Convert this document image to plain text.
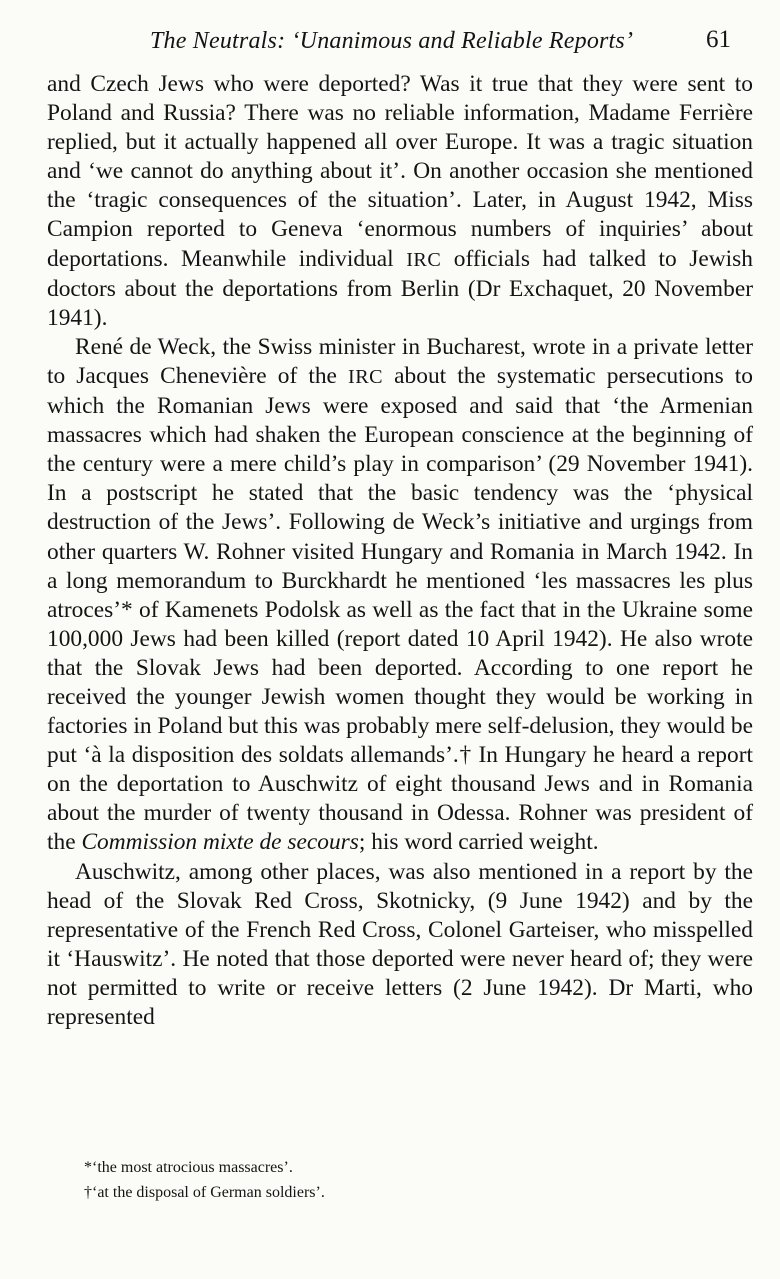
The Neutrals: ‘Unanimous and Reliable Reports’	61

and Czech Jews who were deported? Was it true that they were sent to Poland and Russia? There was no reliable information, Madame Ferrière replied, but it actually happened all over Europe. It was a tragic situation and ‘we cannot do anything about it’. On another occasion she mentioned the ‘tragic consequences of the situation’. Later, in August 1942, Miss Campion reported to Geneva ‘enormous numbers of inquiries’ about deportations. Meanwhile individual IRC officials had talked to Jewish doctors about the deportations from Berlin (Dr Exchaquet, 20 November 1941).

René de Weck, the Swiss minister in Bucharest, wrote in a private letter to Jacques Chenevière of the IRC about the systematic persecutions to which the Romanian Jews were exposed and said that ‘the Armenian massacres which had shaken the European conscience at the beginning of the century were a mere child’s play in comparison’ (29 November 1941). In a postscript he stated that the basic tendency was the ‘physical destruction of the Jews’. Following de Weck’s initiative and urgings from other quarters W. Rohner visited Hungary and Romania in March 1942. In a long memorandum to Burckhardt he mentioned ‘les massacres les plus atroces’* of Kamenets Podolsk as well as the fact that in the Ukraine some 100,000 Jews had been killed (report dated 10 April 1942). He also wrote that the Slovak Jews had been deported. According to one report he received the younger Jewish women thought they would be working in factories in Poland but this was probably mere self-delusion, they would be put ‘à la disposition des soldats allemands’.† In Hungary he heard a report on the deportation to Auschwitz of eight thousand Jews and in Romania about the murder of twenty thousand in Odessa. Rohner was president of the Commission mixte de secours; his word carried weight.

Auschwitz, among other places, was also mentioned in a report by the head of the Slovak Red Cross, Skotnicky, (9 June 1942) and by the representative of the French Red Cross, Colonel Garteiser, who misspelled it ‘Hauswitz’. He noted that those deported were never heard of; they were not permitted to write or receive letters (2 June 1942). Dr Marti, who represented

*‘the most atrocious massacres’.
†‘at the disposal of German soldiers’.
